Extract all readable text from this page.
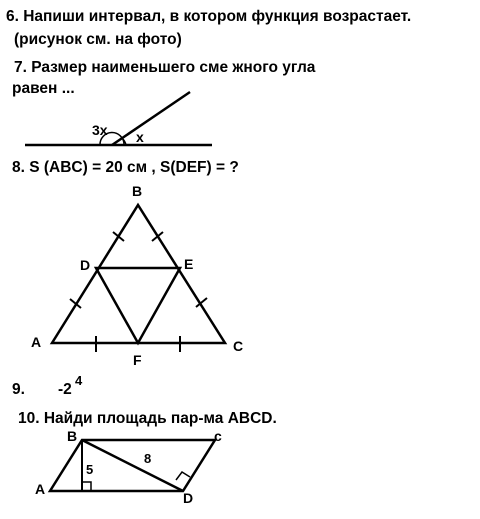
6. Напиши интервал, в котором функция возрастает.
(рисунок см. на фото)
7. Размер наименьшего сме жного угла
равен ...
8. S (ABC) = 20 см , S(DEF) = ?
9. -2
4
10. Найди площадь пар-ма ABCD.
3x x
B
D	E
A	C
F
B	c
A
D
5
8
